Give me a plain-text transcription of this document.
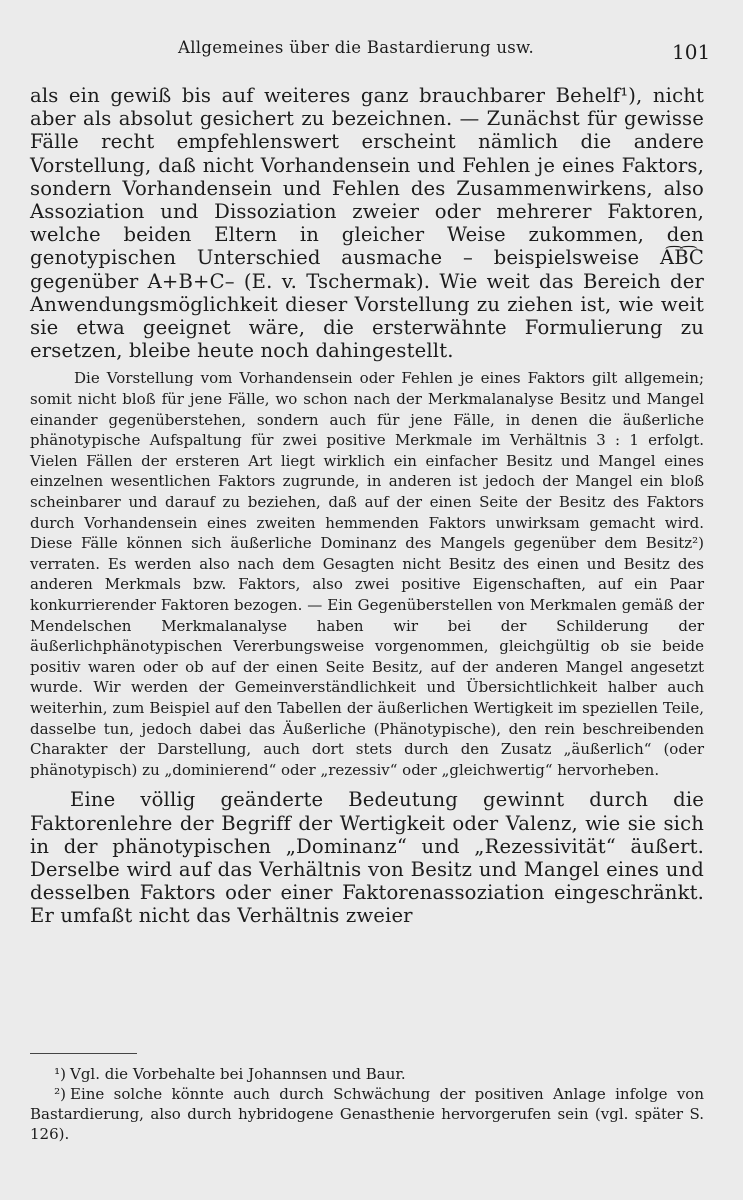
Allgemeines über die Bastardierung usw.	101

als ein gewiß bis auf weiteres ganz brauchbarer Behelf¹), nicht aber als absolut gesichert zu bezeichnen. — Zunächst für gewisse Fälle recht empfehlenswert erscheint nämlich die andere Vorstellung, daß nicht Vorhandensein und Fehlen je eines Faktors, sondern Vorhandensein und Fehlen des Zusammenwirkens, also Assoziation und Dissoziation zweier oder mehrerer Faktoren, welche beiden Eltern in gleicher Weise zukommen, den genotypischen Unterschied ausmache – beispielsweise A͡B͡C gegenüber A+B+C– (E. v. Tschermak). Wie weit das Bereich der Anwendungsmöglichkeit dieser Vorstellung zu ziehen ist, wie weit sie etwa geeignet wäre, die ersterwähnte Formulierung zu ersetzen, bleibe heute noch dahingestellt.

Die Vorstellung vom Vorhandensein oder Fehlen je eines Faktors gilt allgemein; somit nicht bloß für jene Fälle, wo schon nach der Merkmalanalyse Besitz und Mangel einander gegenüberstehen, sondern auch für jene Fälle, in denen die äußerliche phänotypische Aufspaltung für zwei positive Merkmale im Verhältnis 3 : 1 erfolgt. Vielen Fällen der ersteren Art liegt wirklich ein einfacher Besitz und Mangel eines einzelnen wesentlichen Faktors zugrunde, in anderen ist jedoch der Mangel ein bloß scheinbarer und darauf zu beziehen, daß auf der einen Seite der Besitz des Faktors durch Vorhandensein eines zweiten hemmenden Faktors unwirksam gemacht wird. Diese Fälle können sich äußerliche Dominanz des Mangels gegenüber dem Besitz²) verraten. Es werden also nach dem Gesagten nicht Besitz des einen und Besitz des anderen Merkmals bzw. Faktors, also zwei positive Eigenschaften, auf ein Paar konkurrierender Faktoren bezogen. — Ein Gegenüberstellen von Merkmalen gemäß der Mendelschen Merkmalanalyse haben wir bei der Schilderung der äußerlichphänotypischen Vererbungsweise vorgenommen, gleichgültig ob sie beide positiv waren oder ob auf der einen Seite Besitz, auf der anderen Mangel angesetzt wurde. Wir werden der Gemeinverständlichkeit und Übersichtlichkeit halber auch weiterhin, zum Beispiel auf den Tabellen der äußerlichen Wertigkeit im speziellen Teile, dasselbe tun, jedoch dabei das Äußerliche (Phänotypische), den rein beschreibenden Charakter der Darstellung, auch dort stets durch den Zusatz „äußerlich“ (oder phänotypisch) zu „dominierend“ oder „rezessiv“ oder „gleichwertig“ hervorheben.

Eine völlig geänderte Bedeutung gewinnt durch die Faktorenlehre der Begriff der Wertigkeit oder Valenz, wie sie sich in der phänotypischen „Dominanz“ und „Rezessivität“ äußert. Derselbe wird auf das Verhältnis von Besitz und Mangel eines und desselben Faktors oder einer Faktorenassoziation eingeschränkt. Er umfaßt nicht das Verhältnis zweier

¹) Vgl. die Vorbehalte bei Johannsen und Baur.

²) Eine solche könnte auch durch Schwächung der positiven Anlage infolge von Bastardierung, also durch hybridogene Genasthenie hervorgerufen sein (vgl. später S. 126).
